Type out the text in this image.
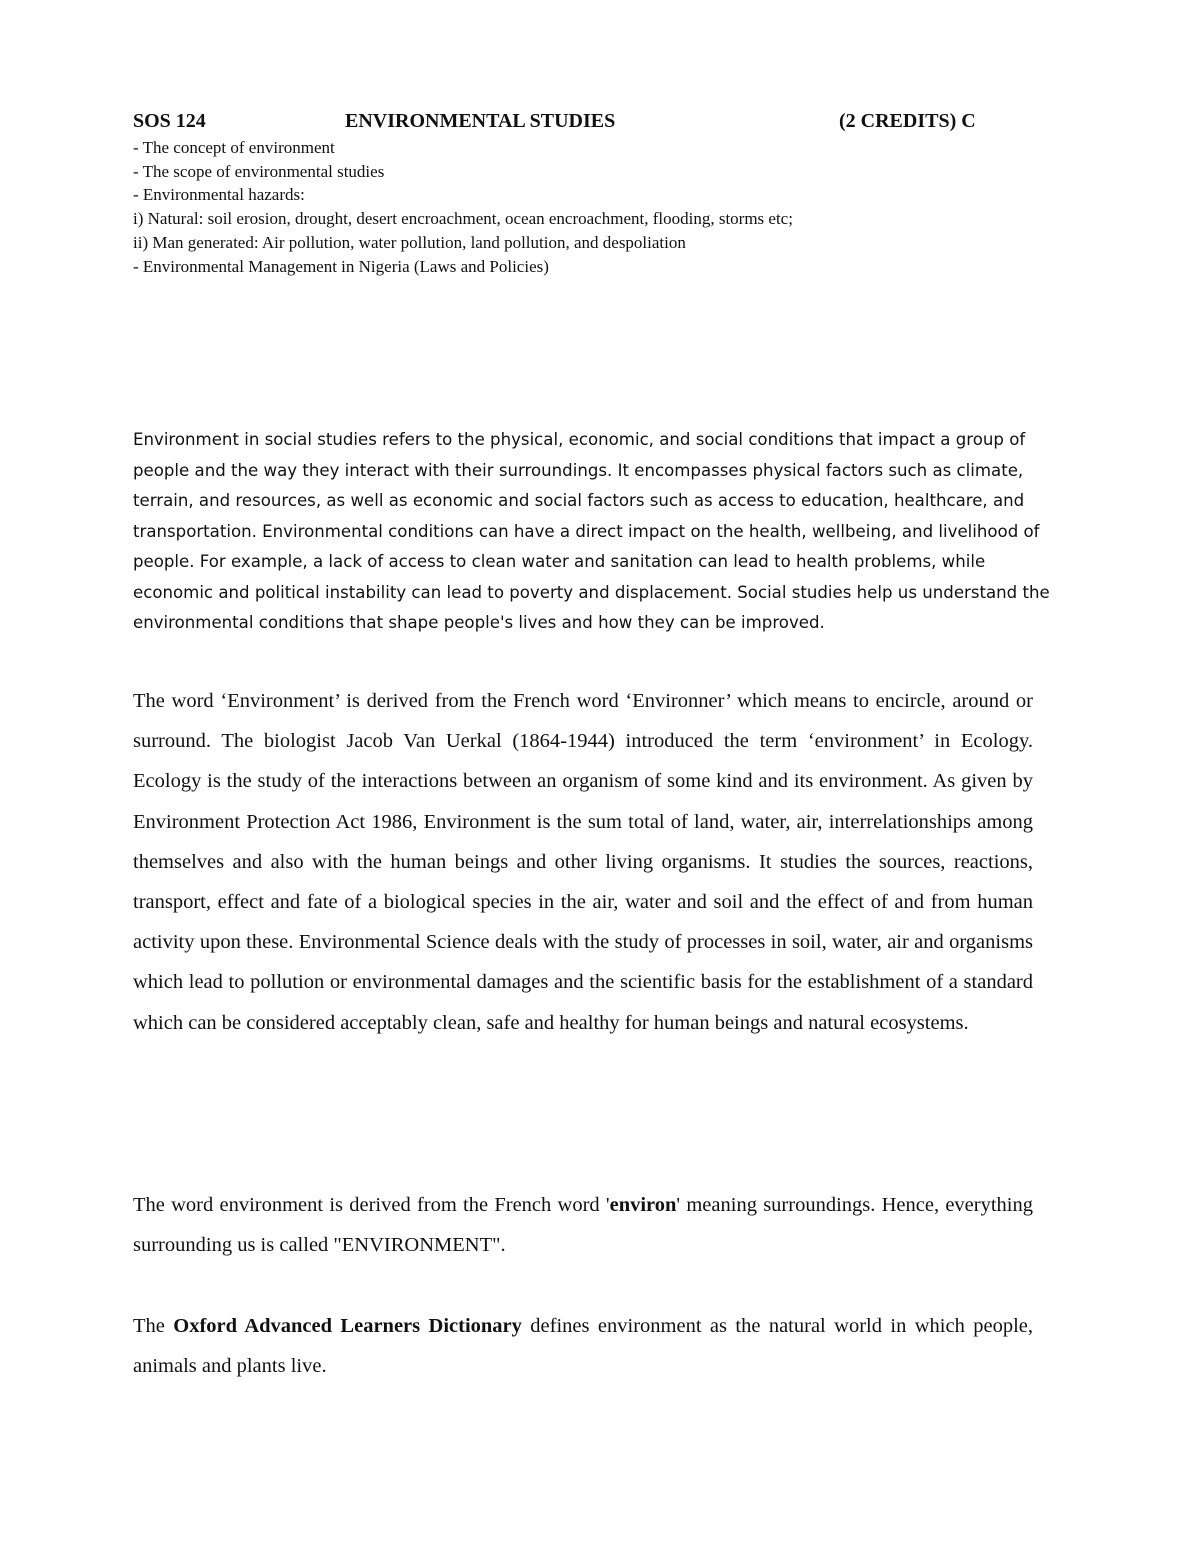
SOS 124	ENVIRONMENTAL STUDIES	(2 CREDITS) C
- The concept of environment
- The scope of environmental studies
- Environmental hazards:
i) Natural: soil erosion, drought, desert encroachment, ocean encroachment, flooding, storms etc;
ii) Man generated: Air pollution, water pollution, land pollution, and despoliation
- Environmental Management in Nigeria (Laws and Policies)

Environment in social studies refers to the physical, economic, and social conditions that impact a group of people and the way they interact with their surroundings. It encompasses physical factors such as climate, terrain, and resources, as well as economic and social factors such as access to education, healthcare, and transportation. Environmental conditions can have a direct impact on the health, wellbeing, and livelihood of people. For example, a lack of access to clean water and sanitation can lead to health problems, while economic and political instability can lead to poverty and displacement. Social studies help us understand the environmental conditions that shape people's lives and how they can be improved.

The word ‘Environment’ is derived from the French word ‘Environner’ which means to encircle, around or surround. The biologist Jacob Van Uerkal (1864-1944) introduced the term ‘environment’ in Ecology. Ecology is the study of the interactions between an organism of some kind and its environment. As given by Environment Protection Act 1986, Environment is the sum total of land, water, air, interrelationships among themselves and also with the human beings and other living organisms. It studies the sources, reactions, transport, effect and fate of a biological species in the air, water and soil and the effect of and from human activity upon these. Environmental Science deals with the study of processes in soil, water, air and organisms which lead to pollution or environmental damages and the scientific basis for the establishment of a standard which can be considered acceptably clean, safe and healthy for human beings and natural ecosystems.

The word environment is derived from the French word 'environ' meaning surroundings. Hence, everything surrounding us is called "ENVIRONMENT".

The Oxford Advanced Learners Dictionary defines environment as the natural world in which people, animals and plants live.
